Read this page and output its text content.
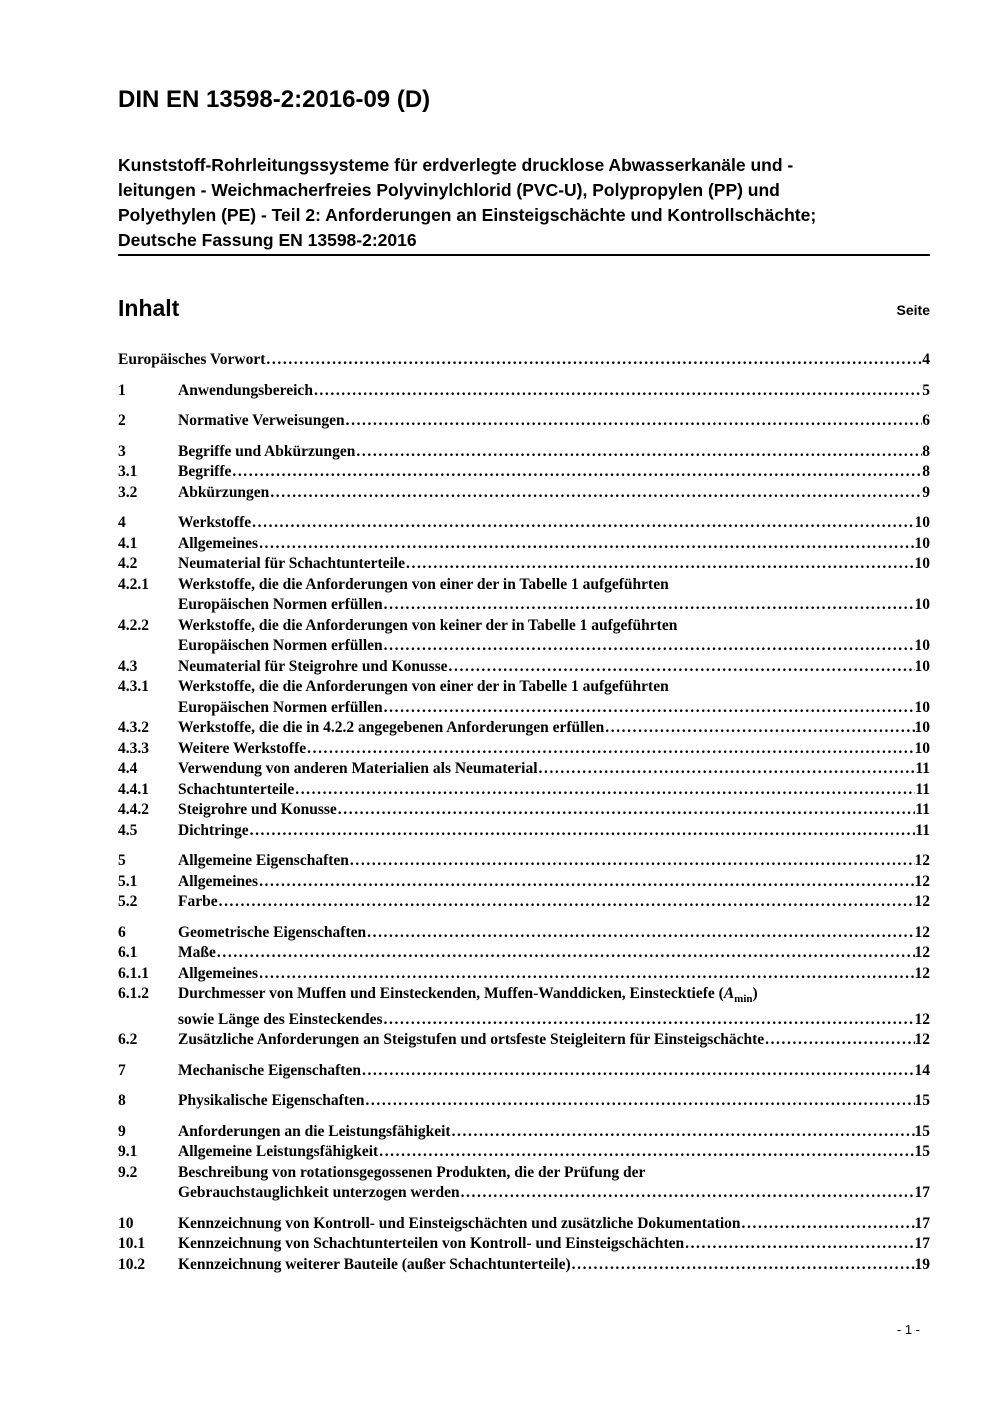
DIN EN 13598-2:2016-09 (D)
Kunststoff-Rohrleitungssysteme für erdverlegte drucklose Abwasserkanäle und -
leitungen - Weichmacherfreies Polyvinylchlorid (PVC-U), Polypropylen (PP) und
Polyethylen (PE) - Teil 2: Anforderungen an Einsteigschächte und Kontrollschächte;
Deutsche Fassung EN 13598-2:2016
Inhalt	Seite
Europäisches Vorwort .....	4
1	Anwendungsbereich .....	5
2	Normative Verweisungen .....	6
3	Begriffe und Abkürzungen .....	8
3.1	Begriffe .....	8
3.2	Abkürzungen .....	9
4	Werkstoffe .....	10
4.1	Allgemeines .....	10
4.2	Neumaterial für Schachtunterteile .....	10
4.2.1	Werkstoffe, die die Anforderungen von einer der in Tabelle 1 aufgeführten
Europäischen Normen erfüllen .....	10
4.2.2	Werkstoffe, die die Anforderungen von keiner der in Tabelle 1 aufgeführten
Europäischen Normen erfüllen .....	10
4.3	Neumaterial für Steigrohre und Konusse .....	10
4.3.1	Werkstoffe, die die Anforderungen von einer der in Tabelle 1 aufgeführten
Europäischen Normen erfüllen .....	10
4.3.2	Werkstoffe, die die in 4.2.2 angegebenen Anforderungen erfüllen .....	10
4.3.3	Weitere Werkstoffe .....	10
4.4	Verwendung von anderen Materialien als Neumaterial .....	11
4.4.1	Schachtunterteile .....	11
4.4.2	Steigrohre und Konusse .....	11
4.5	Dichtringe .....	11
5	Allgemeine Eigenschaften .....	12
5.1	Allgemeines .....	12
5.2	Farbe .....	12
6	Geometrische Eigenschaften .....	12
6.1	Maße .....	12
6.1.1	Allgemeines .....	12
6.1.2	Durchmesser von Muffen und Einsteckenden, Muffen-Wanddicken, Einstecktiefe $(A_{min})$
sowie Länge des Einsteckendes .....	12
6.2	Zusätzliche Anforderungen an Steigstufen und ortsfeste Steigleitern für Einsteigschächte .....	12
7	Mechanische Eigenschaften .....	14
8	Physikalische Eigenschaften .....	15
9	Anforderungen an die Leistungsfähigkeit .....	15
9.1	Allgemeine Leistungsfähigkeit .....	15
9.2	Beschreibung von rotationsgegossenen Produkten, die der Prüfung der
Gebrauchstauglichkeit unterzogen werden .....	17
10	Kennzeichnung von Kontroll- und Einsteigschächten und zusätzliche Dokumentation .....	17
10.1	Kennzeichnung von Schachtunterteilen von Kontroll- und Einsteigschächten .....	17
10.2	Kennzeichnung weiterer Bauteile (außer Schachtunterteile) .....	19
- 1 -
